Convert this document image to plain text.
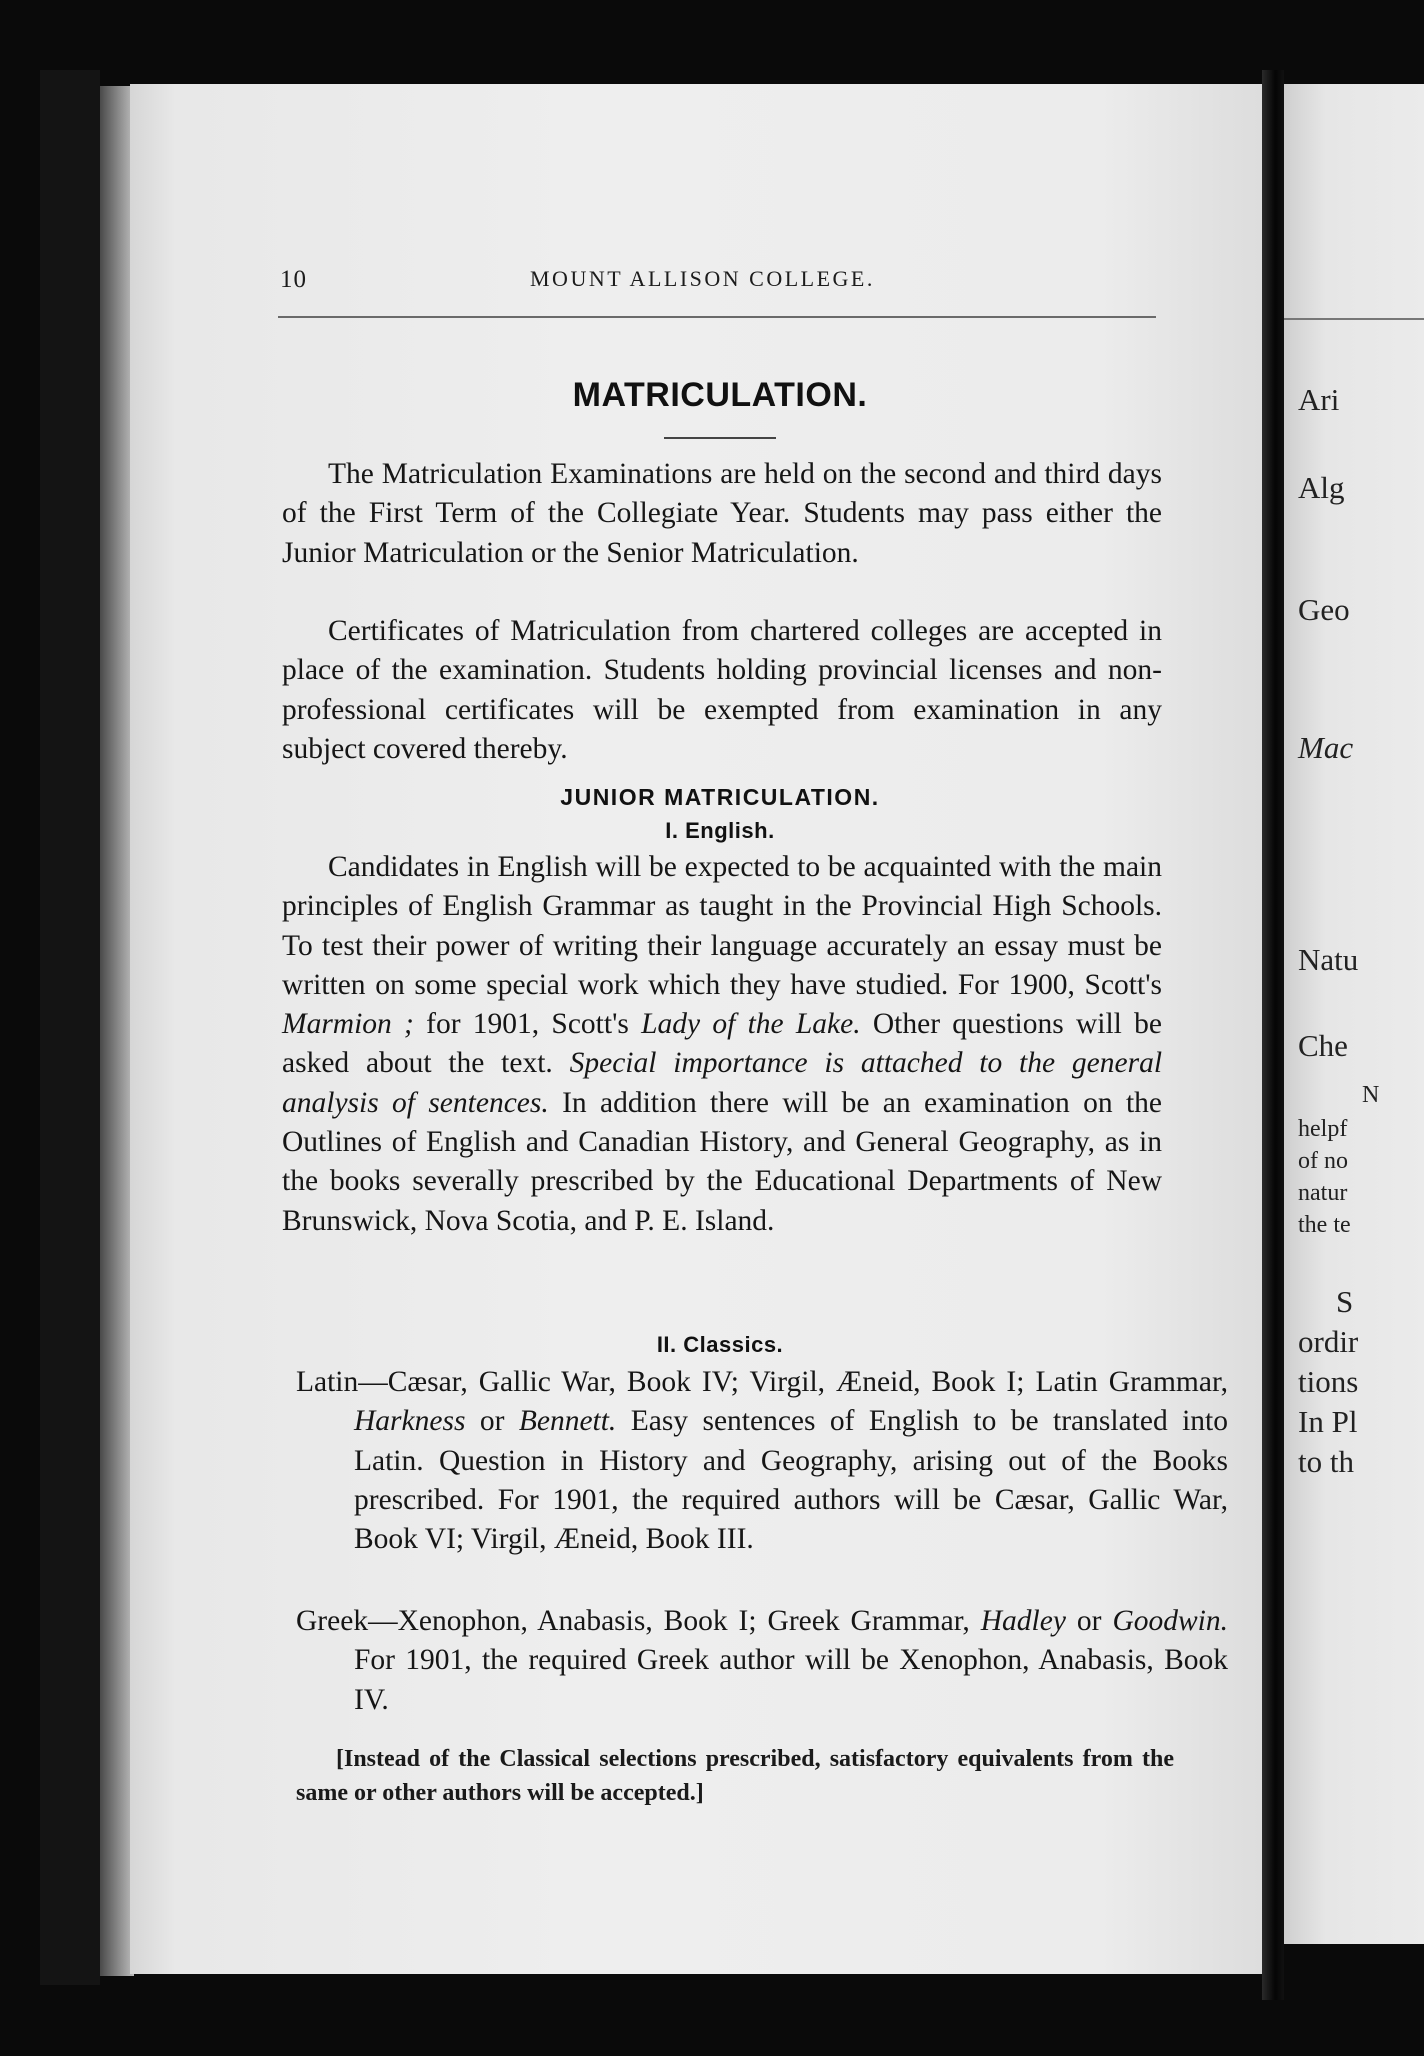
Ari
Alg
Geo
Mac
Natu
Che
N
helpf
of no
natur
the te
S
ordir
tions
In Pl
to th
10	MOUNT ALLISON COLLEGE.
MATRICULATION.

The Matriculation Examinations are held on the second and third days of the First Term of the Collegiate Year. Students may pass either the Junior Matriculation or the Senior Matriculation.

Certificates of Matriculation from chartered colleges are accepted in place of the examination. Students holding provincial licenses and non-professional certificates will be exempted from examination in any subject covered thereby.

JUNIOR MATRICULATION.
I. English.

Candidates in English will be expected to be acquainted with the main principles of English Grammar as taught in the Provincial High Schools. To test their power of writing their language accurately an essay must be written on some special work which they have studied. For 1900, Scott's Marmion ; for 1901, Scott's Lady of the Lake. Other questions will be asked about the text. Special importance is attached to the general analysis of sentences. In addition there will be an examination on the Outlines of English and Canadian History, and General Geography, as in the books severally prescribed by the Educational Departments of New Brunswick, Nova Scotia, and P. E. Island.

II. Classics.

Latin—Cæsar, Gallic War, Book IV; Virgil, Æneid, Book I; Latin Grammar, Harkness or Bennett. Easy sentences of English to be translated into Latin. Question in History and Geography, arising out of the Books prescribed. For 1901, the required authors will be Cæsar, Gallic War, Book VI; Virgil, Æneid, Book III.

Greek—Xenophon, Anabasis, Book I; Greek Grammar, Hadley or Goodwin. For 1901, the required Greek author will be Xenophon, Anabasis, Book IV.

[Instead of the Classical selections prescribed, satisfactory equivalents from the same or other authors will be accepted.]
